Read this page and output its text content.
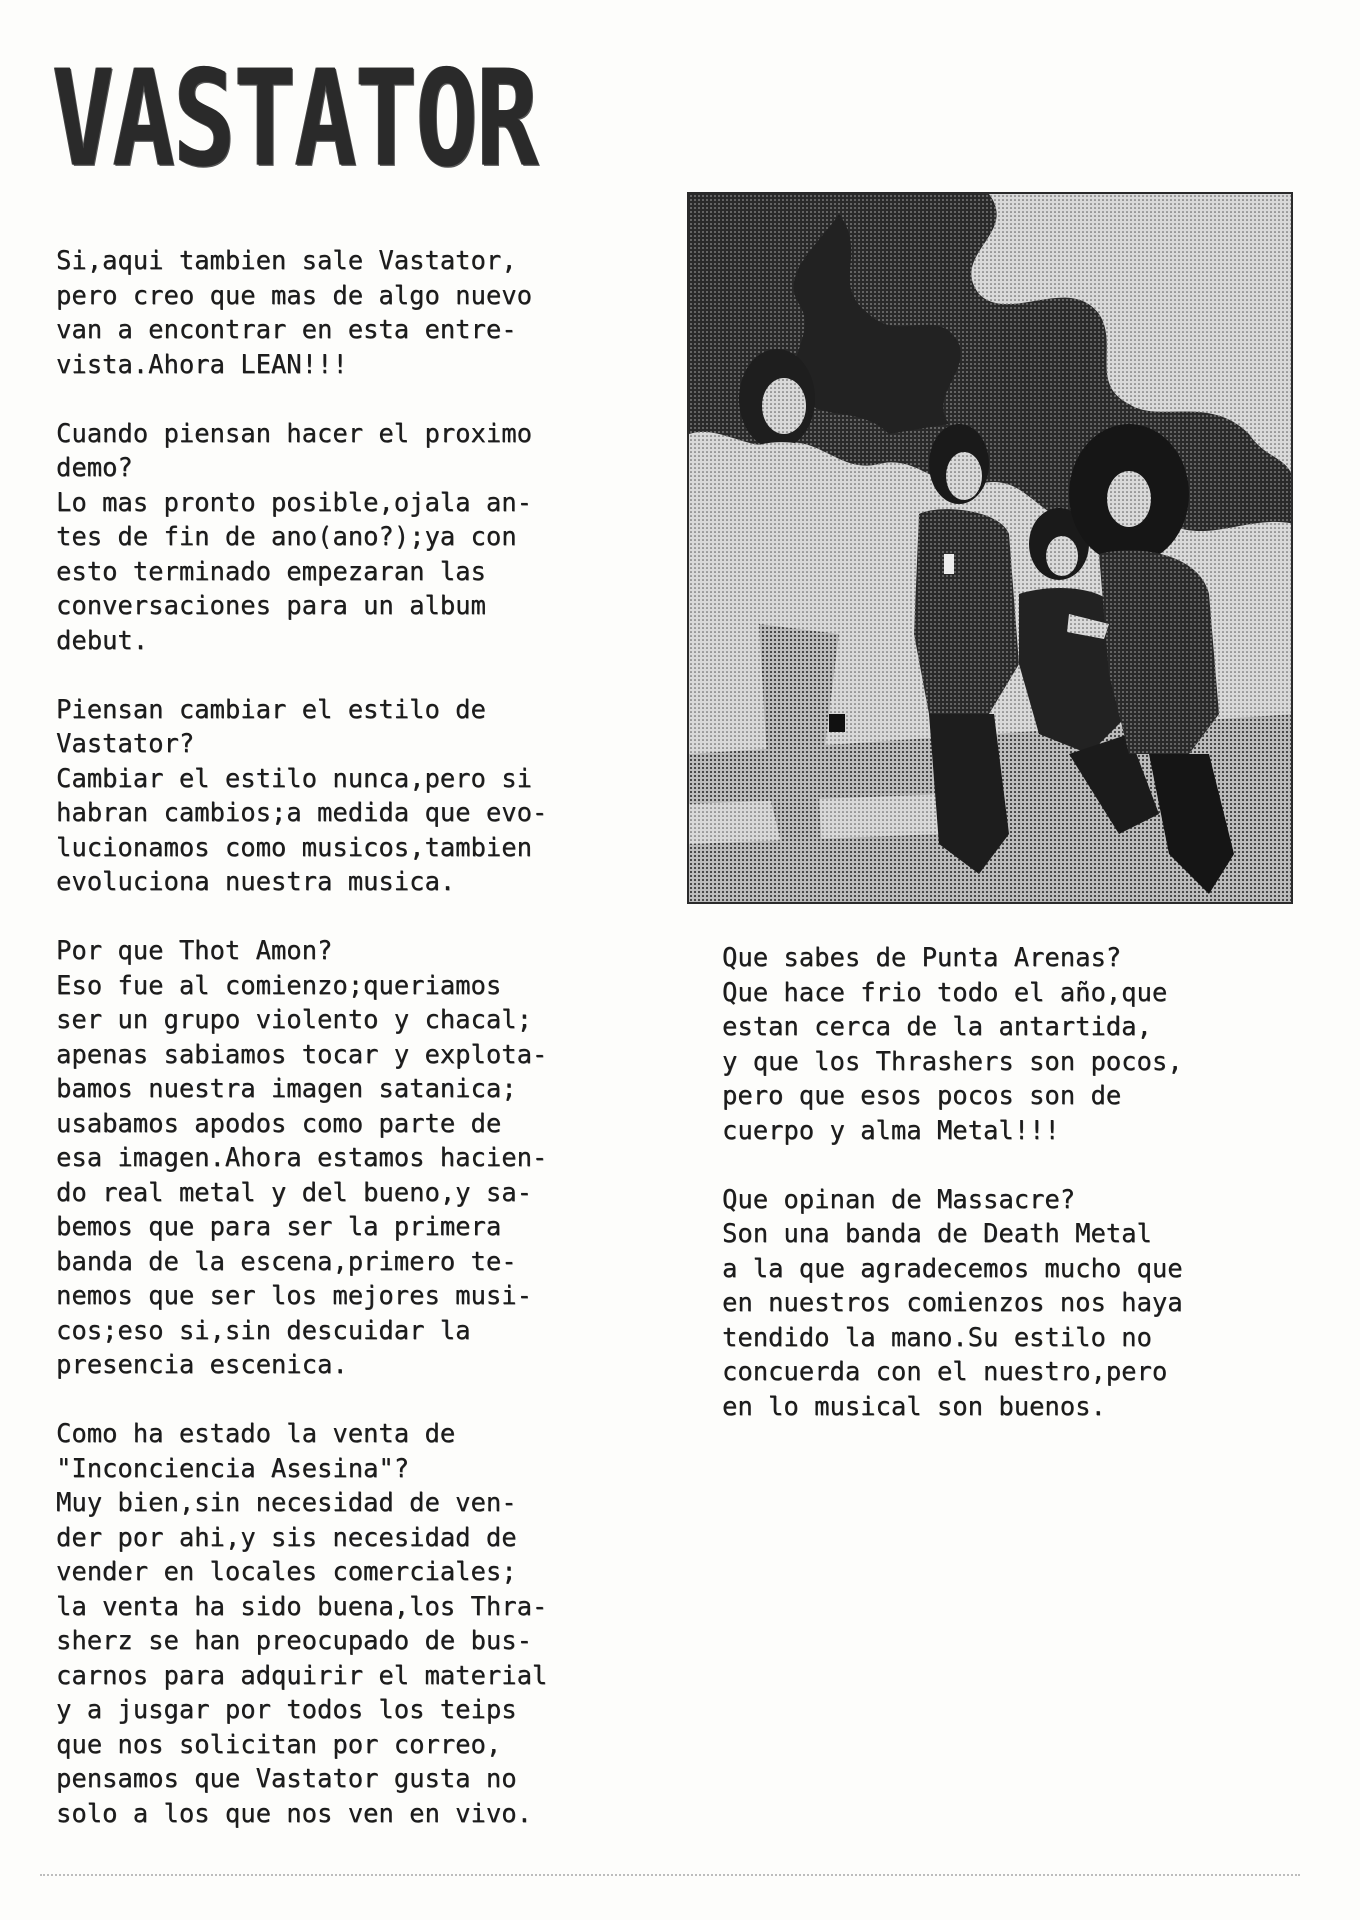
VASTATOR
Si,aqui tambien sale Vastator,
pero creo que mas de algo nuevo
van a encontrar en esta entre-
vista.Ahora LEAN!!!
Cuando piensan hacer el proximo
demo?
Lo mas pronto posible,ojala an-
tes de fin de ano(ano?);ya con
esto terminado empezaran las
conversaciones para un album
debut.
Piensan cambiar el estilo de
Vastator?
Cambiar el estilo nunca,pero si
habran cambios;a medida que evo-
lucionamos como musicos,tambien
evoluciona nuestra musica.
Por que Thot Amon?
Eso fue al comienzo;queriamos
ser un grupo violento y chacal;
apenas sabiamos tocar y explota-
bamos nuestra imagen satanica;
usabamos apodos como parte de
esa imagen.Ahora estamos hacien-
do real metal y del bueno,y sa-
bemos que para ser la primera
banda de la escena,primero te-
nemos que ser los mejores musi-
cos;eso si,sin descuidar la
presencia escenica.
Como ha estado la venta de
"Inconciencia Asesina"?
Muy bien,sin necesidad de ven-
der por ahi,y sis necesidad de
vender en locales comerciales;
la venta ha sido buena,los Thra-
sherz se han preocupado de bus-
carnos para adquirir el material
y a jusgar por todos los teips
que nos solicitan por correo,
pensamos que Vastator gusta no
solo a los que nos ven en vivo.
Que sabes de Punta Arenas?
Que hace frio todo el año,que
estan cerca de la antartida,
y que los Thrashers son pocos,
pero que esos pocos son de
cuerpo y alma Metal!!!
Que opinan de Massacre?
Son una banda de Death Metal
a la que agradecemos mucho que
en nuestros comienzos nos haya
tendido la mano.Su estilo no
concuerda con el nuestro,pero
en lo musical son buenos.
